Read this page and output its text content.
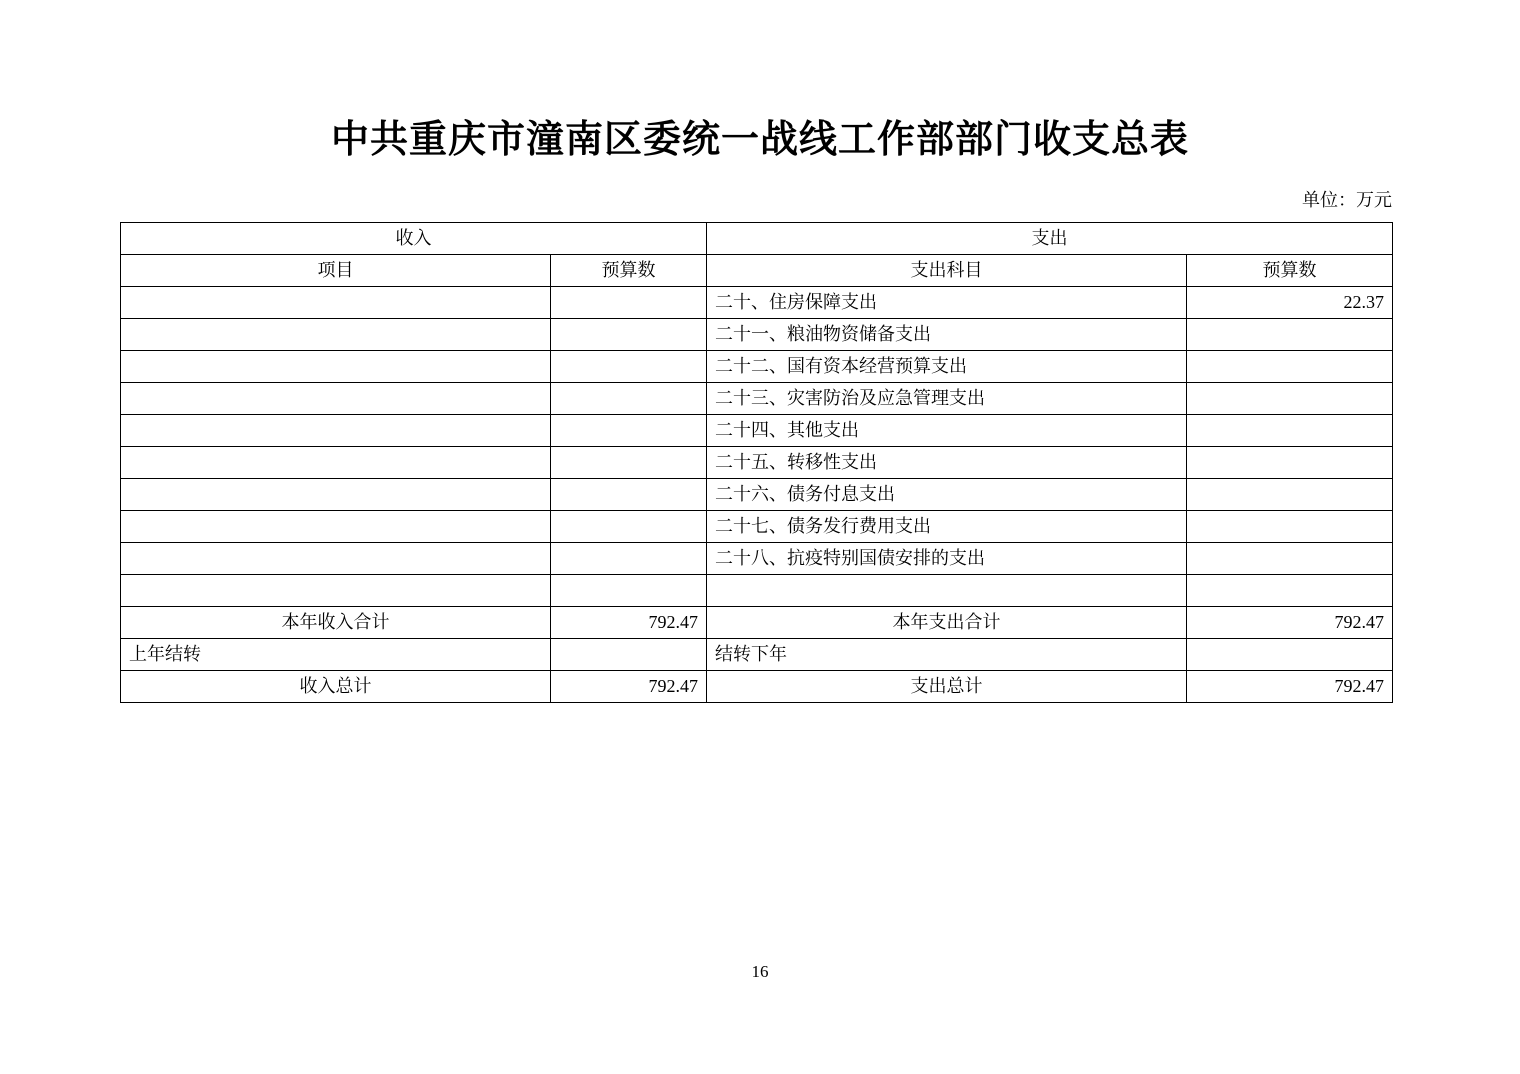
中共重庆市潼南区委统一战线工作部部门收支总表
单位：万元
收入		支出	
项目	预算数	支出科目	预算数
		二十、住房保障支出	22.37
		二十一、粮油物资储备支出	
		二十二、国有资本经营预算支出	
		二十三、灾害防治及应急管理支出	
		二十四、其他支出	
		二十五、转移性支出	
		二十六、债务付息支出	
		二十七、债务发行费用支出	
		二十八、抗疫特别国债安排的支出	

本年收入合计	792.47	本年支出合计	792.47
上年结转		结转下年	
收入总计	792.47	支出总计	792.47
16
